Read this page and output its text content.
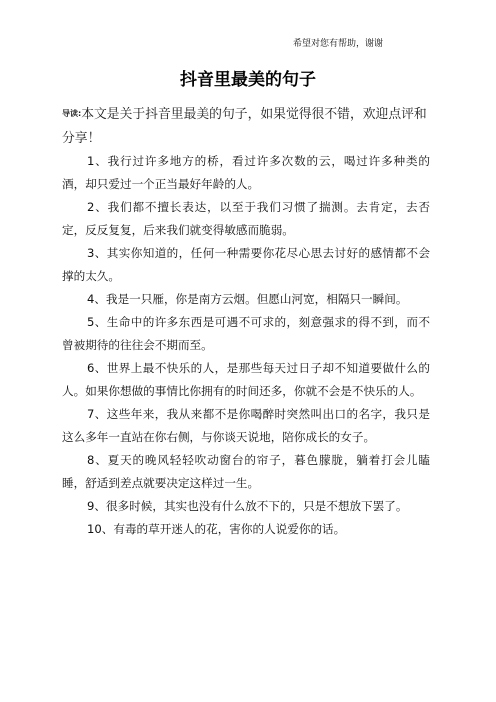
希望对您有帮助，谢谢
抖音里最美的句子
导读:本文是关于抖音里最美的句子，如果觉得很不错，欢迎点评和分享！

1、我行过许多地方的桥，看过许多次数的云，喝过许多种类的酒，却只爱过一个正当最好年龄的人。

2、我们都不擅长表达，以至于我们习惯了揣测。去肯定，去否定，反反复复，后来我们就变得敏感而脆弱。

3、其实你知道的，任何一种需要你花尽心思去讨好的感情都不会撑的太久。

4、我是一只雁，你是南方云烟。但愿山河宽，相隔只一瞬间。

5、生命中的许多东西是可遇不可求的，刻意强求的得不到，而不曾被期待的往往会不期而至。

6、世界上最不快乐的人，是那些每天过日子却不知道要做什么的人。如果你想做的事情比你拥有的时间还多，你就不会是不快乐的人。

7、这些年来，我从来都不是你喝醉时突然叫出口的名字，我只是这么多年一直站在你右侧，与你谈天说地，陪你成长的女子。

8、夏天的晚风轻轻吹动窗台的帘子，暮色朦胧，躺着打会儿瞌睡，舒适到差点就要决定这样过一生。

9、很多时候，其实也没有什么放不下的，只是不想放下罢了。

10、有毒的草开迷人的花，害你的人说爱你的话。
